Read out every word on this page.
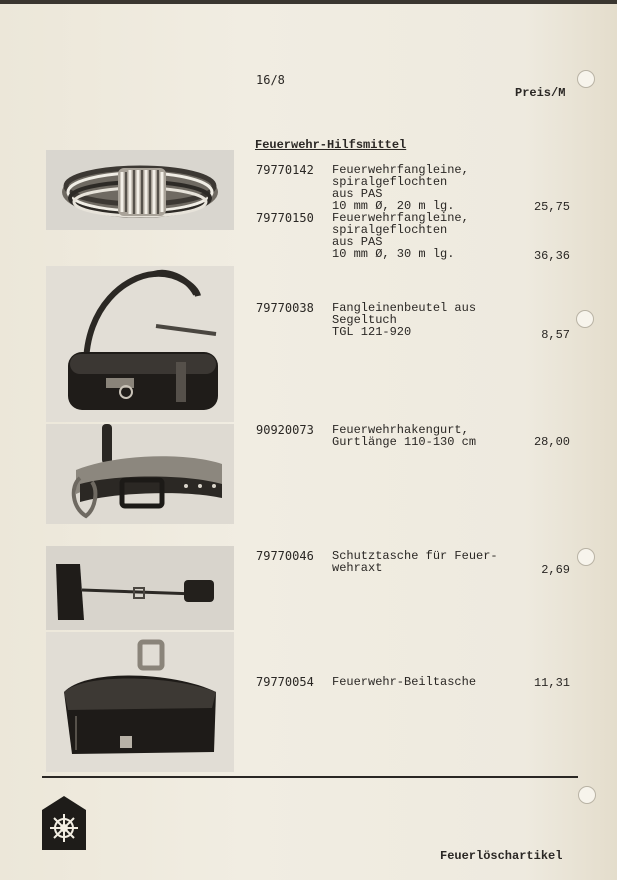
16/8
Preis/M
Feuerwehr-Hilfsmittel
79770142 Feuerwehrfangleine,
spiralgeflochten
aus PAS
10 mm Ø, 20 m lg.	25,75
79770150 Feuerwehrfangleine,
spiralgeflochten
aus PAS
10 mm Ø, 30 m lg.	36,36
79770038 Fangleinenbeutel aus
Segeltuch
TGL 121-920	8,57
90920073 Feuerwehrhakengurt,
Gurtlänge 110-130 cm	28,00
79770046 Schutztasche für Feuer-
wehraxt	2,69
79770054 Feuerwehr-Beiltasche	11,31
Feuerlöschartikel
